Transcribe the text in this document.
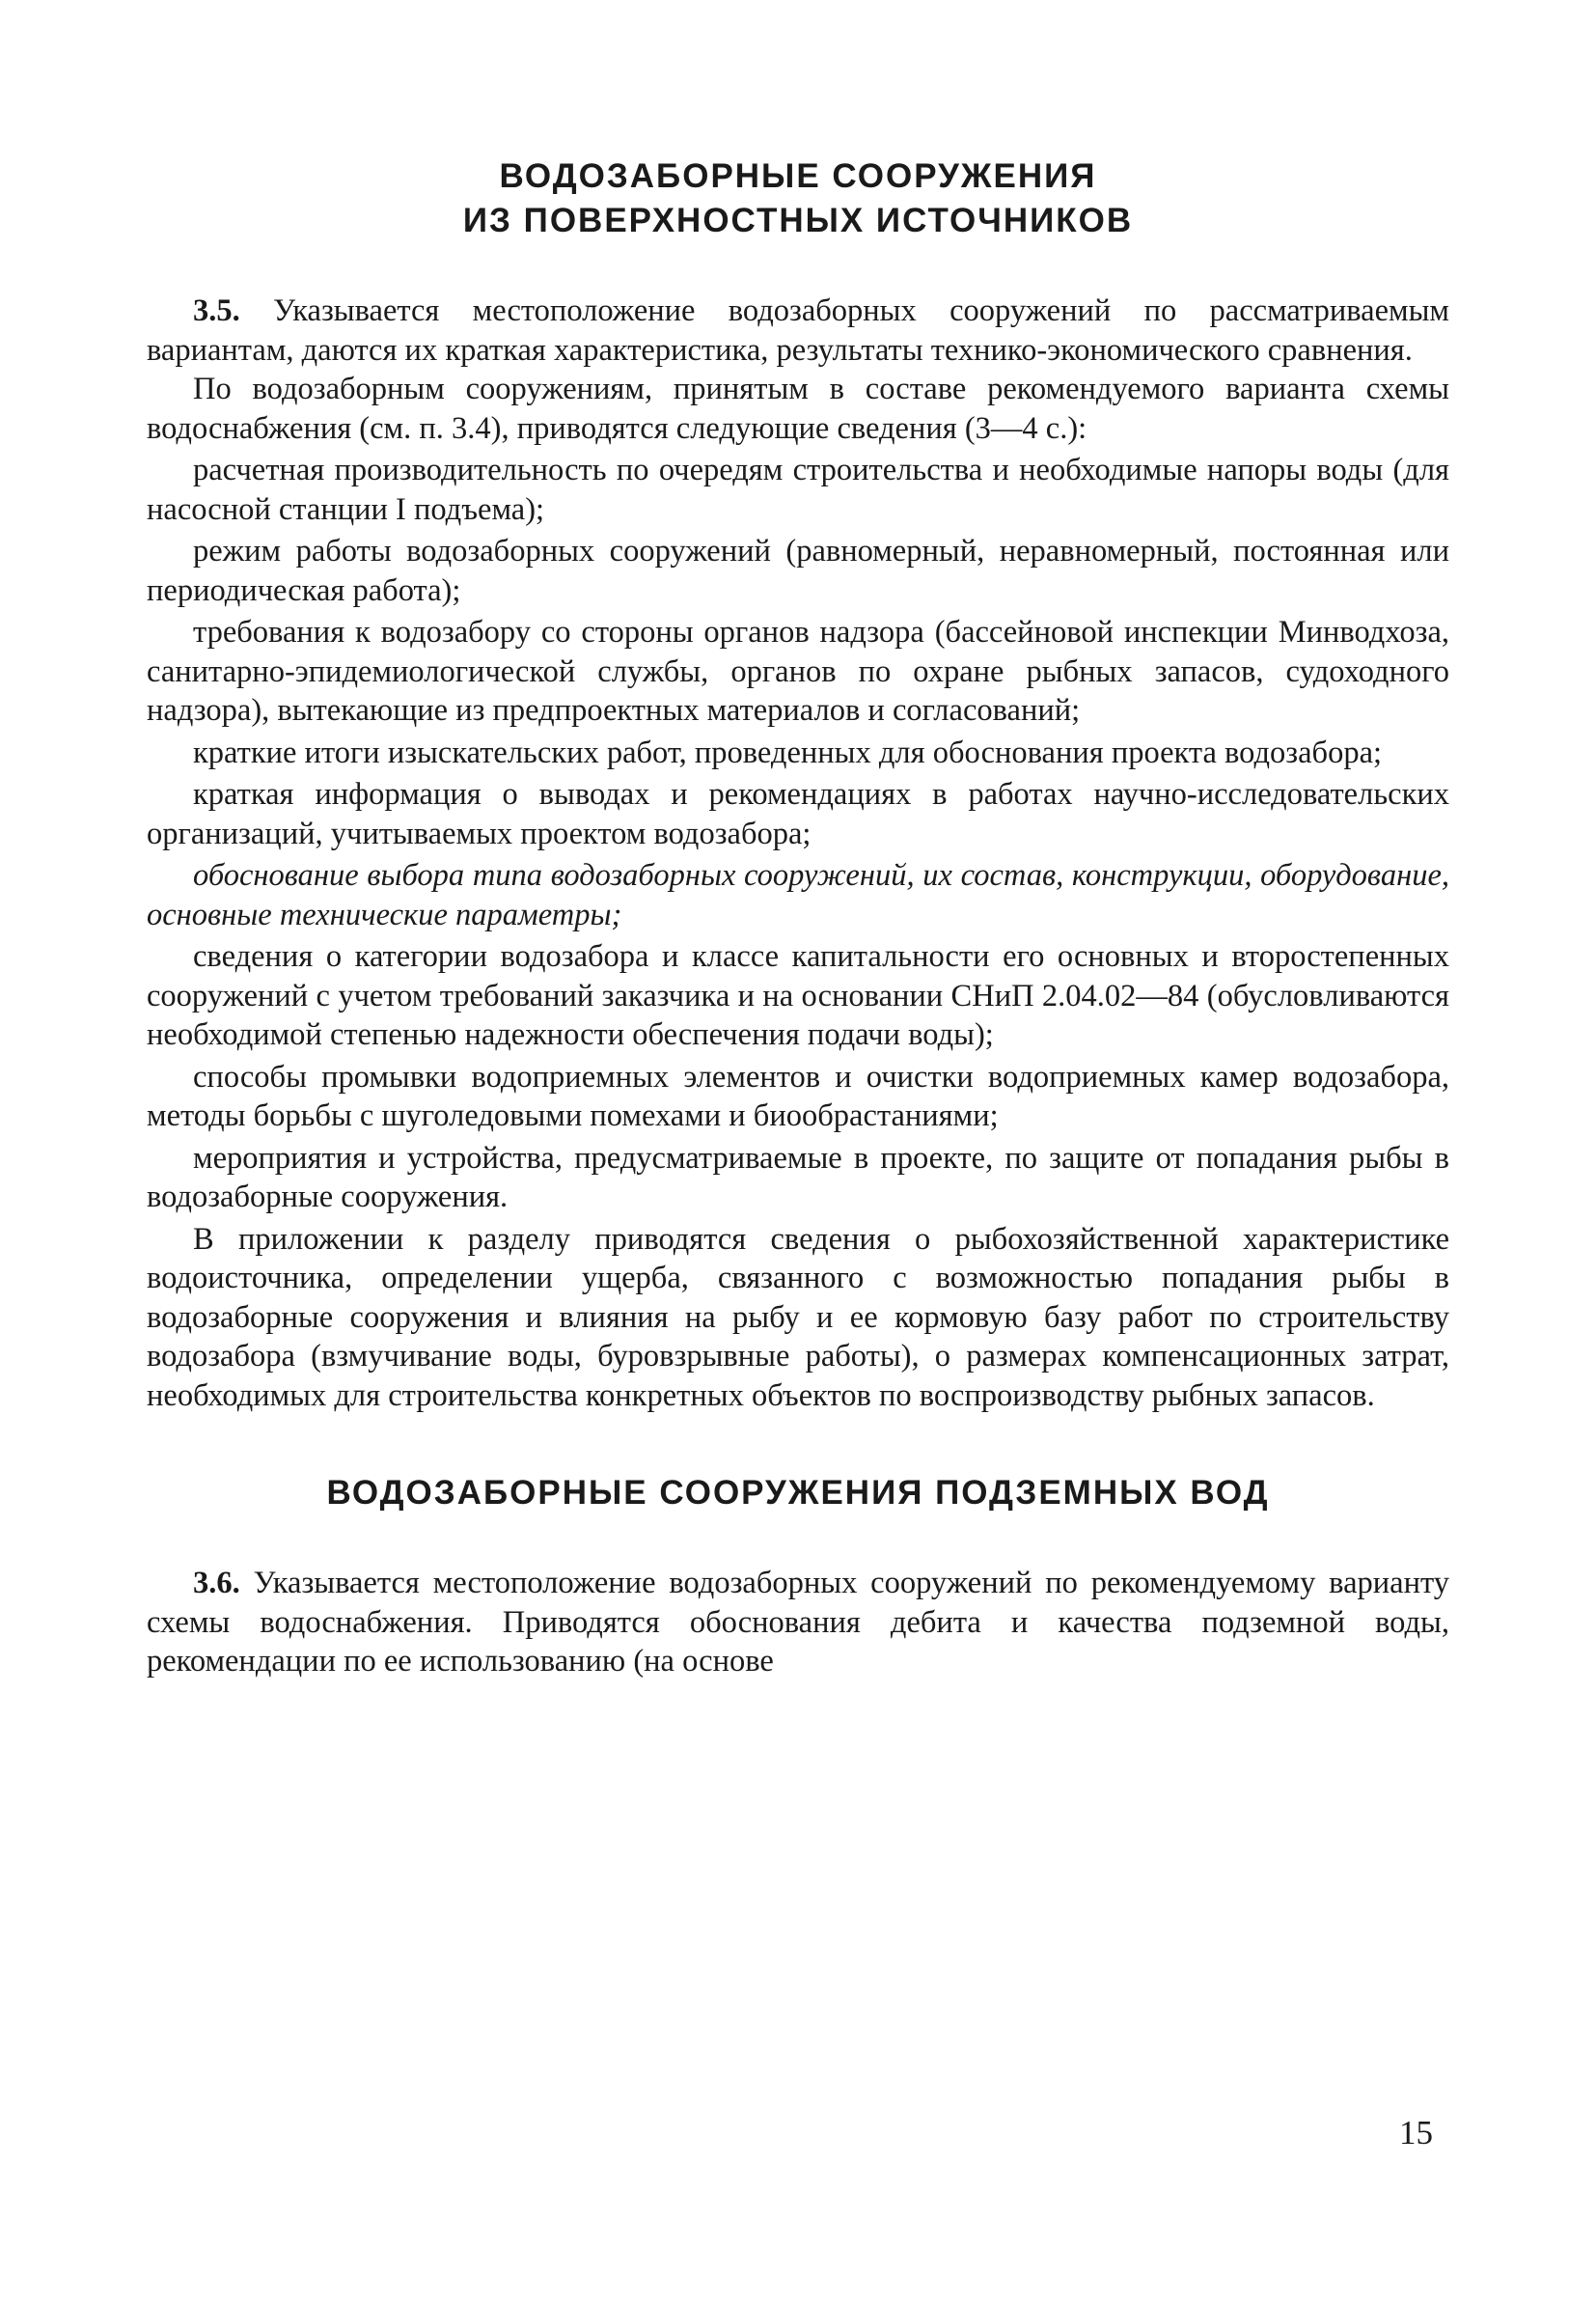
ВОДОЗАБОРНЫЕ СООРУЖЕНИЯ
ИЗ ПОВЕРХНОСТНЫХ ИСТОЧНИКОВ

3.5. Указывается местоположение водозаборных сооружений по рассматриваемым вариантам, даются их краткая характеристика, результаты технико-экономического сравнения.

По водозаборным сооружениям, принятым в составе рекомендуемого варианта схемы водоснабжения (см. п. 3.4), приводятся следующие сведения (3—4 с.):

расчетная производительность по очередям строительства и необходимые напоры воды (для насосной станции I подъема);

режим работы водозаборных сооружений (равномерный, неравномерный, постоянная или периодическая работа);

требования к водозабору со стороны органов надзора (бассейновой инспекции Минводхоза, санитарно-эпидемиологической службы, органов по охране рыбных запасов, судоходного надзора), вытекающие из предпроектных материалов и согласований;

краткие итоги изыскательских работ, проведенных для обоснования проекта водозабора;

краткая информация о выводах и рекомендациях в работах научно-исследовательских организаций, учитываемых проектом водозабора;

обоснование выбора типа водозаборных сооружений, их состав, конструкции, оборудование, основные технические параметры;

сведения о категории водозабора и классе капитальности его основных и второстепенных сооружений с учетом требований заказчика и на основании СНиП 2.04.02—84 (обусловливаются необходимой степенью надежности обеспечения подачи воды);

способы промывки водоприемных элементов и очистки водоприемных камер водозабора, методы борьбы с шуголедовыми помехами и биообрастаниями;

мероприятия и устройства, предусматриваемые в проекте, по защите от попадания рыбы в водозаборные сооружения.

В приложении к разделу приводятся сведения о рыбохозяйственной характеристике водоисточника, определении ущерба, связанного с возможностью попадания рыбы в водозаборные сооружения и влияния на рыбу и ее кормовую базу работ по строительству водозабора (взмучивание воды, буровзрывные работы), о размерах компенсационных затрат, необходимых для строительства конкретных объектов по воспроизводству рыбных запасов.

ВОДОЗАБОРНЫЕ СООРУЖЕНИЯ ПОДЗЕМНЫХ ВОД

3.6. Указывается местоположение водозаборных сооружений по рекомендуемому варианту схемы водоснабжения. Приводятся обоснования дебита и качества подземной воды, рекомендации по ее использованию (на основе

15
